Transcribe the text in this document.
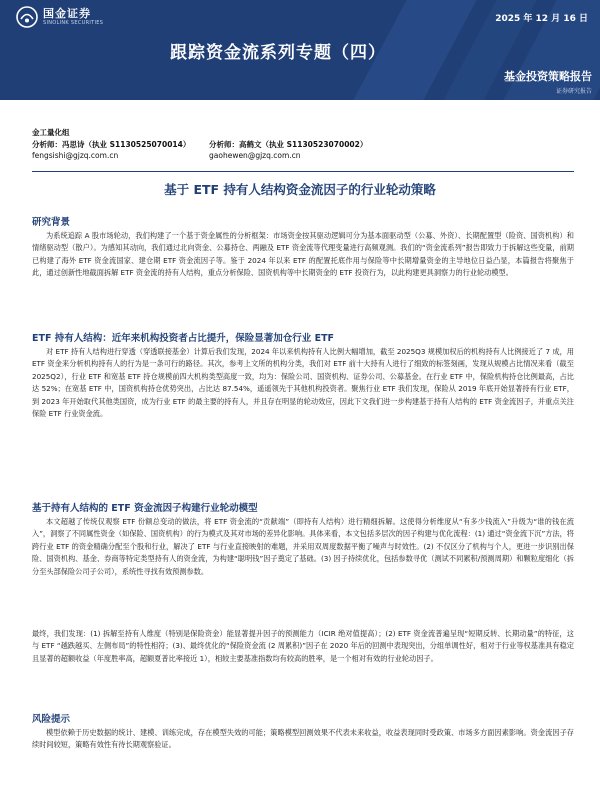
国金证券
SINOLINK SECURITIES	2025 年 12 月 16 日
跟踪资金流系列专题（四）
基金投资策略报告
证券研究报告
金工量化组
分析师：冯思诗（执业 S1130525070014）	分析师：高鹤文（执业 S1130523070002）
fengsishi@gjzq.com.cn	gaohewen@gjzq.com.cn
基于 ETF 持有人结构资金流因子的行业轮动策略
研究背景

为系统追踪 A 股市场轮动，我们构建了一个基于资金属性的分析框架：市场资金按其驱动逻辑可分为基本面驱动型（公募、外资）、长期配置型（险资、国资机构）和情绪驱动型（散户）。为感知其动向，我们通过北向资金、公募持仓、两融及 ETF 资金流等代理变量进行高频观测。我们的“资金流系列”报告即致力于拆解这些变量，前期已构建了海外 ETF 资金流国家、建仓期 ETF 资金流因子等。鉴于 2024 年以来 ETF 的配置托底作用与保险等中长期增量资金的主导地位日益凸显，本篇报告将聚焦于此，通过创新性地截面拆解 ETF 资金流的持有人结构，重点分析保险、国资机构等中长期资金的 ETF 投资行为，以此构建更具洞察力的行业轮动模型。

ETF 持有人结构：近年来机构投资者占比提升，保险显著加仓行业 ETF

对 ETF 持有人结构进行穿透（穿透联接基金）计算后我们发现，2024 年以来机构持有人比例大幅增加，截至 2025Q3 规模加权后的机构持有人比例接近了 7 成，用 ETF 资金来分析机构持有人的行为是一条可行的路径。其次，参考上文所的机构分类，我们对 ETF 前十大持有人进行了细致的标签刻画，发现从规模占比情况来看（截至 2025Q2），行业 ETF 和宽基 ETF 持仓规模前四大机构类型高度一致，均为：保险公司、国资机构、证券公司、公募基金。在行业 ETF 中，保险机构持仓比例最高，占比达 52%；在宽基 ETF 中，国资机构持仓优势突出，占比达 87.54%，遥遥领先于其他机构投资者。聚焦行业 ETF 我们发现，保险从 2019 年底开始显著持有行业 ETF，到 2023 年开始取代其他类国资，成为行业 ETF 的最主要的持有人，并且存在明显的轮动效应，因此下文我们进一步构建基于持有人结构的 ETF 资金流因子，并重点关注保险 ETF 行业资金流。

基于持有人结构的 ETF 资金流因子构建行业轮动模型

本文超越了传统仅观察 ETF 份额总变动的做法，将 ETF 资金流的“贡献端”（即持有人结构）进行精细拆解。这使得分析维度从“有多少钱流入”升级为“谁的钱在流入”，洞察了不同属性资金（如保险、国资机构）的行为模式及其对市场的差异化影响。具体来看，本文包括多层次的因子构建与优化流程：(1) 通过“资金流下沉”方法，将跨行业 ETF 的资金精确分配至个股和行业，解决了 ETF 与行业直接映射的难题，并采用双周度数据平衡了噪声与时效性。(2) 不仅区分了机构与个人，更进一步识别出保险、国资机构、基金、券商等特定类型持有人的资金流，为构建“聪明钱”因子奠定了基础。(3) 因子持续优化，包括参数寻优（测试不同累积/预测周期）和颗粒度细化（拆分至头部保险公司子公司），系统性寻找有效预测参数。

最终，我们发现：(1) 拆解至持有人维度（特别是保险资金）能显著提升因子的预测能力（ICIR 绝对值提高）；(2) ETF 资金流普遍呈现“短期反转、长期动量”的特征，这与 ETF “越跌越买、左侧布局”的特性相符；(3)、最终优化的“保险资金流 (2 周累积)”因子在 2020 年后的回测中表现突出，分组单调性好，相对于行业等权基准具有稳定且显著的超额收益（年度胜率高，超额夏普比率接近 1），相较主要基准指数均有较高的胜率，是一个相对有效的行业轮动因子。

风险提示

模型依赖于历史数据的统计、建模、训练完成，存在模型失效的可能；策略模型回测效果不代表未来收益，收益表现同时受政策、市场多方面因素影响。资金流因子存续时间较短，策略有效性有待长期观察验证。
